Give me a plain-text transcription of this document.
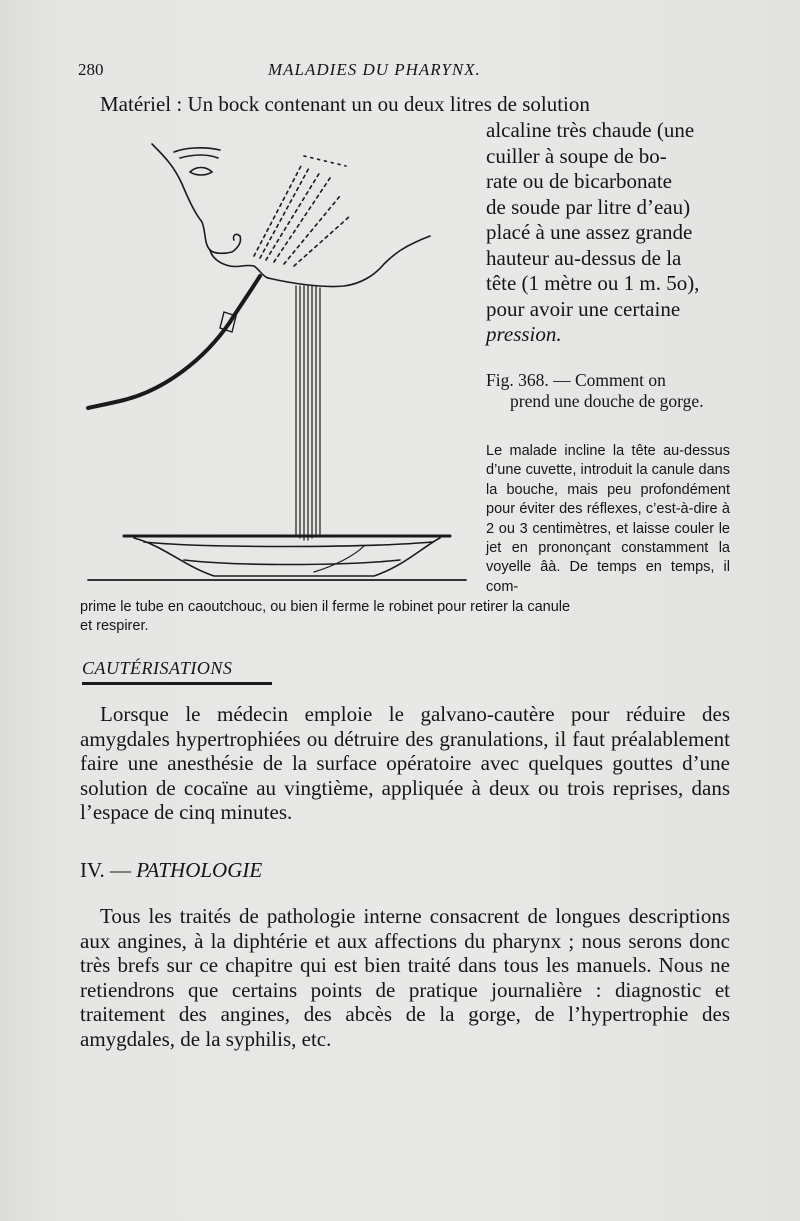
280	MALADIES DU PHARYNX.
Matériel : Un bock contenant un ou deux litres de solution

alcaline très chaude (une

cuiller à soupe de bo-

rate ou de bicarbonate

de soude par litre d’eau)

placé à une assez grande

hauteur au-dessus de la

tête (1 mètre ou 1 m. 5o),

pour avoir une certaine

pression.

Fig. 368. — Comment on
prend une douche de gorge.
Le malade incline la tête au-dessus d’une cuvette, introduit la canule dans la bouche, mais peu profondément pour éviter des réflexes, c’est-à-dire à 2 ou 3 centimètres, et laisse couler le jet en prononçant constamment la voyelle âà. De temps en temps, il com-
prime le tube en caoutchouc, ou bien il ferme le robinet pour retirer la canule
et respirer.
CAUTÉRISATIONS

Lorsque le médecin emploie le galvano-cautère pour réduire des amygdales hypertrophiées ou détruire des granulations, il faut préalablement faire une anesthésie de la surface opératoire avec quelques gouttes d’une solution de cocaïne au vingtième, appliquée à deux ou trois reprises, dans l’espace de cinq minutes.

IV. — PATHOLOGIE

Tous les traités de pathologie interne consacrent de longues descriptions aux angines, à la diphtérie et aux affections du pharynx ; nous serons donc très brefs sur ce chapitre qui est bien traité dans tous les manuels. Nous ne retiendrons que certains points de pratique journalière : diagnostic et traitement des angines, des abcès de la gorge, de l’hypertrophie des amygdales, de la syphilis, etc.
